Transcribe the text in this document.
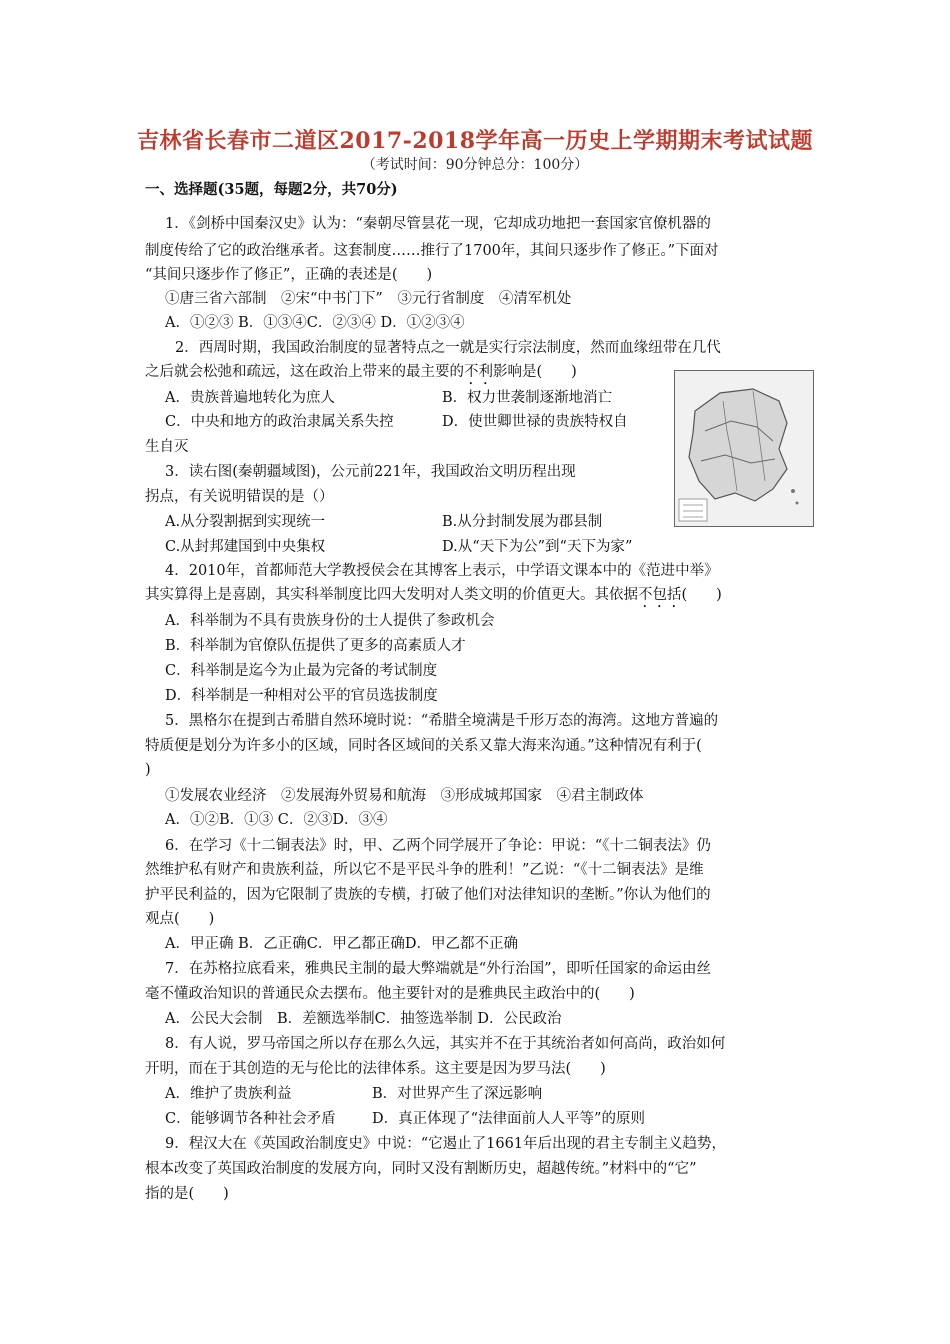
吉林省长春市二道区2017-2018学年高一历史上学期期末考试试题
（考试时间：90分钟总分：100分）
一、选择题(35题，每题2分，共70分)
1．《剑桥中国秦汉史》认为：“秦朝尽管昙花一现，它却成功地把一套国家官僚机器的
制度传给了它的政治继承者。这套制度……推行了1700年，其间只逐步作了修正。”下面对
“其间只逐步作了修正”，正确的表述是(　　)
①唐三省六部制　②宋“中书门下”　③元行省制度　④清军机处
A．①②③ B．①③④C．②③④ D．①②③④
2．西周时期，我国政治制度的显著特点之一就是实行宗法制度，然而血缘纽带在几代
之后就会松弛和疏远，这在政治上带来的最主要的不利影响是(　　)
A．贵族普遍地转化为庶人	B．权力世袭制逐渐地消亡
C．中央和地方的政治隶属关系失控	D．使世卿世禄的贵族特权自
生自灭
3．读右图(秦朝疆域图)，公元前221年，我国政治文明历程出现
拐点，有关说明错误的是（）
A.从分裂割据到实现统一	B.从分封制发展为郡县制
C.从封邦建国到中央集权	D.从“天下为公”到“天下为家”
4．2010年，首都师范大学教授侯会在其博客上表示，中学语文课本中的《范进中举》
其实算得上是喜剧，其实科举制度比四大发明对人类文明的价值更大。其依据不包括(　　)
A．科举制为不具有贵族身份的士人提供了参政机会
B．科举制为官僚队伍提供了更多的高素质人才
C．科举制是迄今为止最为完备的考试制度
D．科举制是一种相对公平的官员选拔制度
5．黑格尔在提到古希腊自然环境时说：“希腊全境满是千形万态的海湾。这地方普遍的
特质便是划分为许多小的区域，同时各区域间的关系又靠大海来沟通。”这种情况有利于(
)
①发展农业经济　②发展海外贸易和航海　③形成城邦国家　④君主制政体
A．①②B．①③ C．②③D．③④
6．在学习《十二铜表法》时，甲、乙两个同学展开了争论：甲说：“《十二铜表法》仍
然维护私有财产和贵族利益，所以它不是平民斗争的胜利！”乙说：“《十二铜表法》是维
护平民利益的，因为它限制了贵族的专横，打破了他们对法律知识的垄断。”你认为他们的
观点(　　)
A．甲正确 B．乙正确C．甲乙都正确D．甲乙都不正确
7．在苏格拉底看来，雅典民主制的最大弊端就是“外行治国”，即听任国家的命运由丝
毫不懂政治知识的普通民众去摆布。他主要针对的是雅典民主政治中的(　　)
A．公民大会制　B．差额选举制C．抽签选举制 D．公民政治
8．有人说，罗马帝国之所以存在那么久远，其实并不在于其统治者如何高尚，政治如何
开明，而在于其创造的无与伦比的法律体系。这主要是因为罗马法(　　)
A．维护了贵族利益	B．对世界产生了深远影响
C．能够调节各种社会矛盾	D．真正体现了“法律面前人人平等”的原则
9．程汉大在《英国政治制度史》中说：“它遏止了1661年后出现的君主专制主义趋势，
根本改变了英国政治制度的发展方向，同时又没有割断历史，超越传统。”材料中的“它”
指的是(　　)
